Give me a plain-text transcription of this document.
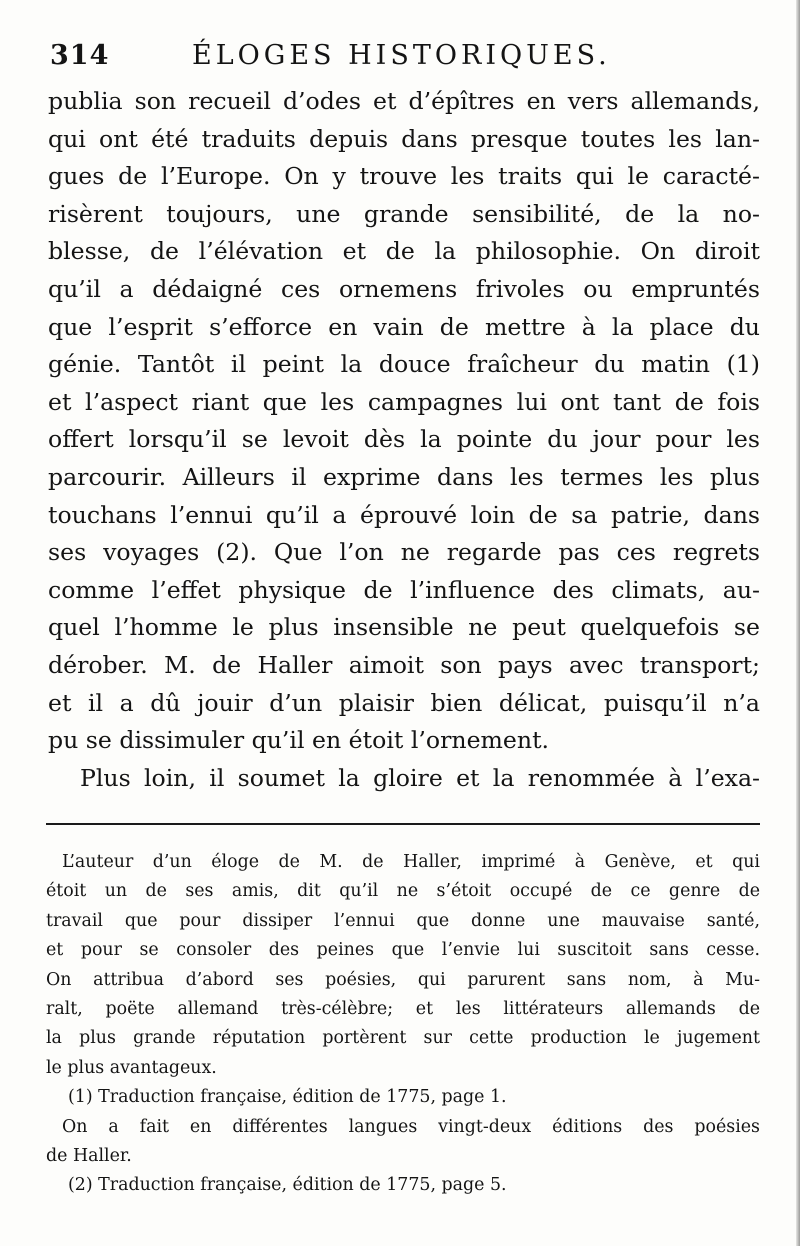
314	ÉLOGES HISTORIQUES.
publia son recueil d’odes et d’épîtres en vers allemands,
qui ont été traduits depuis dans presque toutes les lan-
gues de l’Europe. On y trouve les traits qui le caracté-
risèrent toujours, une grande sensibilité, de la no-
blesse, de l’élévation et de la philosophie. On diroit
qu’il a dédaigné ces ornemens frivoles ou empruntés
que l’esprit s’efforce en vain de mettre à la place du
génie. Tantôt il peint la douce fraîcheur du matin (1)
et l’aspect riant que les campagnes lui ont tant de fois
offert lorsqu’il se levoit dès la pointe du jour pour les
parcourir. Ailleurs il exprime dans les termes les plus
touchans l’ennui qu’il a éprouvé loin de sa patrie, dans
ses voyages (2). Que l’on ne regarde pas ces regrets
comme l’effet physique de l’influence des climats, au-
quel l’homme le plus insensible ne peut quelquefois se
dérober. M. de Haller aimoit son pays avec transport;
et il a dû jouir d’un plaisir bien délicat, puisqu’il n’a
pu se dissimuler qu’il en étoit l’ornement.
Plus loin, il soumet la gloire et la renommée à l’exa-
L’auteur d’un éloge de M. de Haller, imprimé à Genève, et qui
étoit un de ses amis, dit qu’il ne s’étoit occupé de ce genre de
travail que pour dissiper l’ennui que donne une mauvaise santé,
et pour se consoler des peines que l’envie lui suscitoit sans cesse.
On attribua d’abord ses poésies, qui parurent sans nom, à Mu-
ralt, poëte allemand très-célèbre; et les littérateurs allemands de
la plus grande réputation portèrent sur cette production le jugement
le plus avantageux.
(1) Traduction française, édition de 1775, page 1.
On a fait en différentes langues vingt-deux éditions des poésies
de Haller.
(2) Traduction française, édition de 1775, page 5.
